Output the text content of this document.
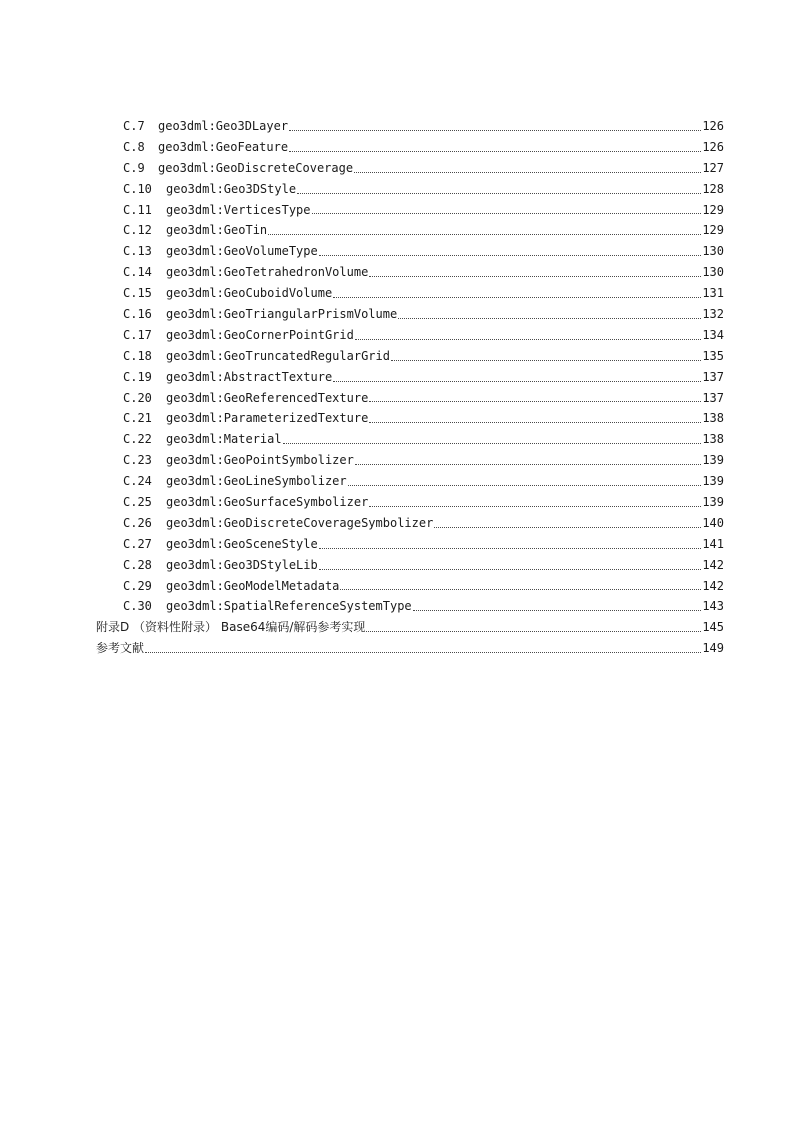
C.7	geo3dml:Geo3DLayer	126
C.8	geo3dml:GeoFeature	126
C.9	geo3dml:GeoDiscreteCoverage	127
C.10	geo3dml:Geo3DStyle	128
C.11	geo3dml:VerticesType	129
C.12	geo3dml:GeoTin	129
C.13	geo3dml:GeoVolumeType	130
C.14	geo3dml:GeoTetrahedronVolume	130
C.15	geo3dml:GeoCuboidVolume	131
C.16	geo3dml:GeoTriangularPrismVolume	132
C.17	geo3dml:GeoCornerPointGrid	134
C.18	geo3dml:GeoTruncatedRegularGrid	135
C.19	geo3dml:AbstractTexture	137
C.20	geo3dml:GeoReferencedTexture	137
C.21	geo3dml:ParameterizedTexture	138
C.22	geo3dml:Material	138
C.23	geo3dml:GeoPointSymbolizer	139
C.24	geo3dml:GeoLineSymbolizer	139
C.25	geo3dml:GeoSurfaceSymbolizer	139
C.26	geo3dml:GeoDiscreteCoverageSymbolizer	140
C.27	geo3dml:GeoSceneStyle	141
C.28	geo3dml:Geo3DStyleLib	142
C.29	geo3dml:GeoModelMetadata	142
C.30	geo3dml:SpatialReferenceSystemType	143
附录D （资料性附录） Base64编码/解码参考实现	145
参考文献	149
